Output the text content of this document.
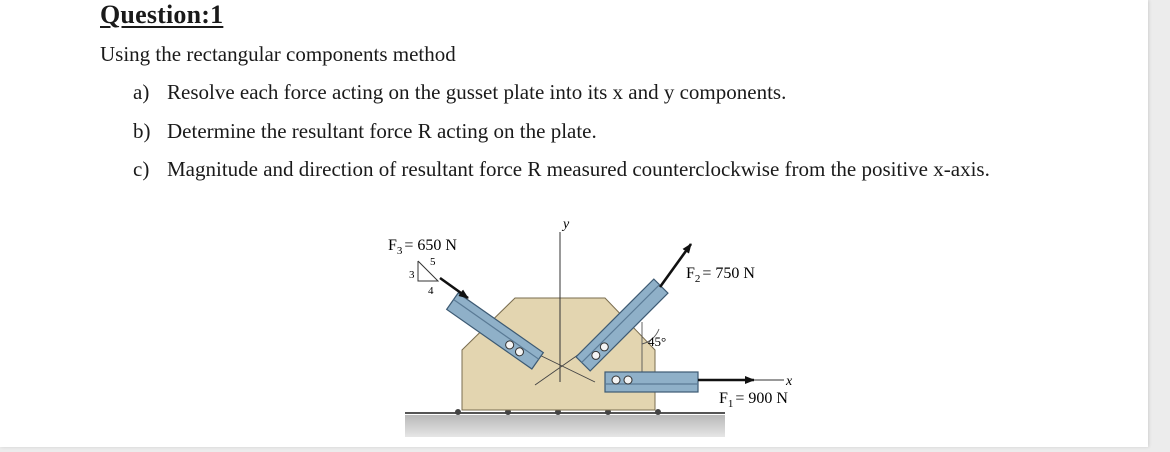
Question:1
Using the rectangular components method
a) Resolve each force acting on the gusset plate into its x and y components.
b) Determine the resultant force R acting on the plate.
c) Magnitude and direction of resultant force R measured counterclockwise from the positive x-axis.
y
3
5
4
$F_3 = 650$ N
$F_2 = 750$ N
45°
x
$F_1 = 900$ N
